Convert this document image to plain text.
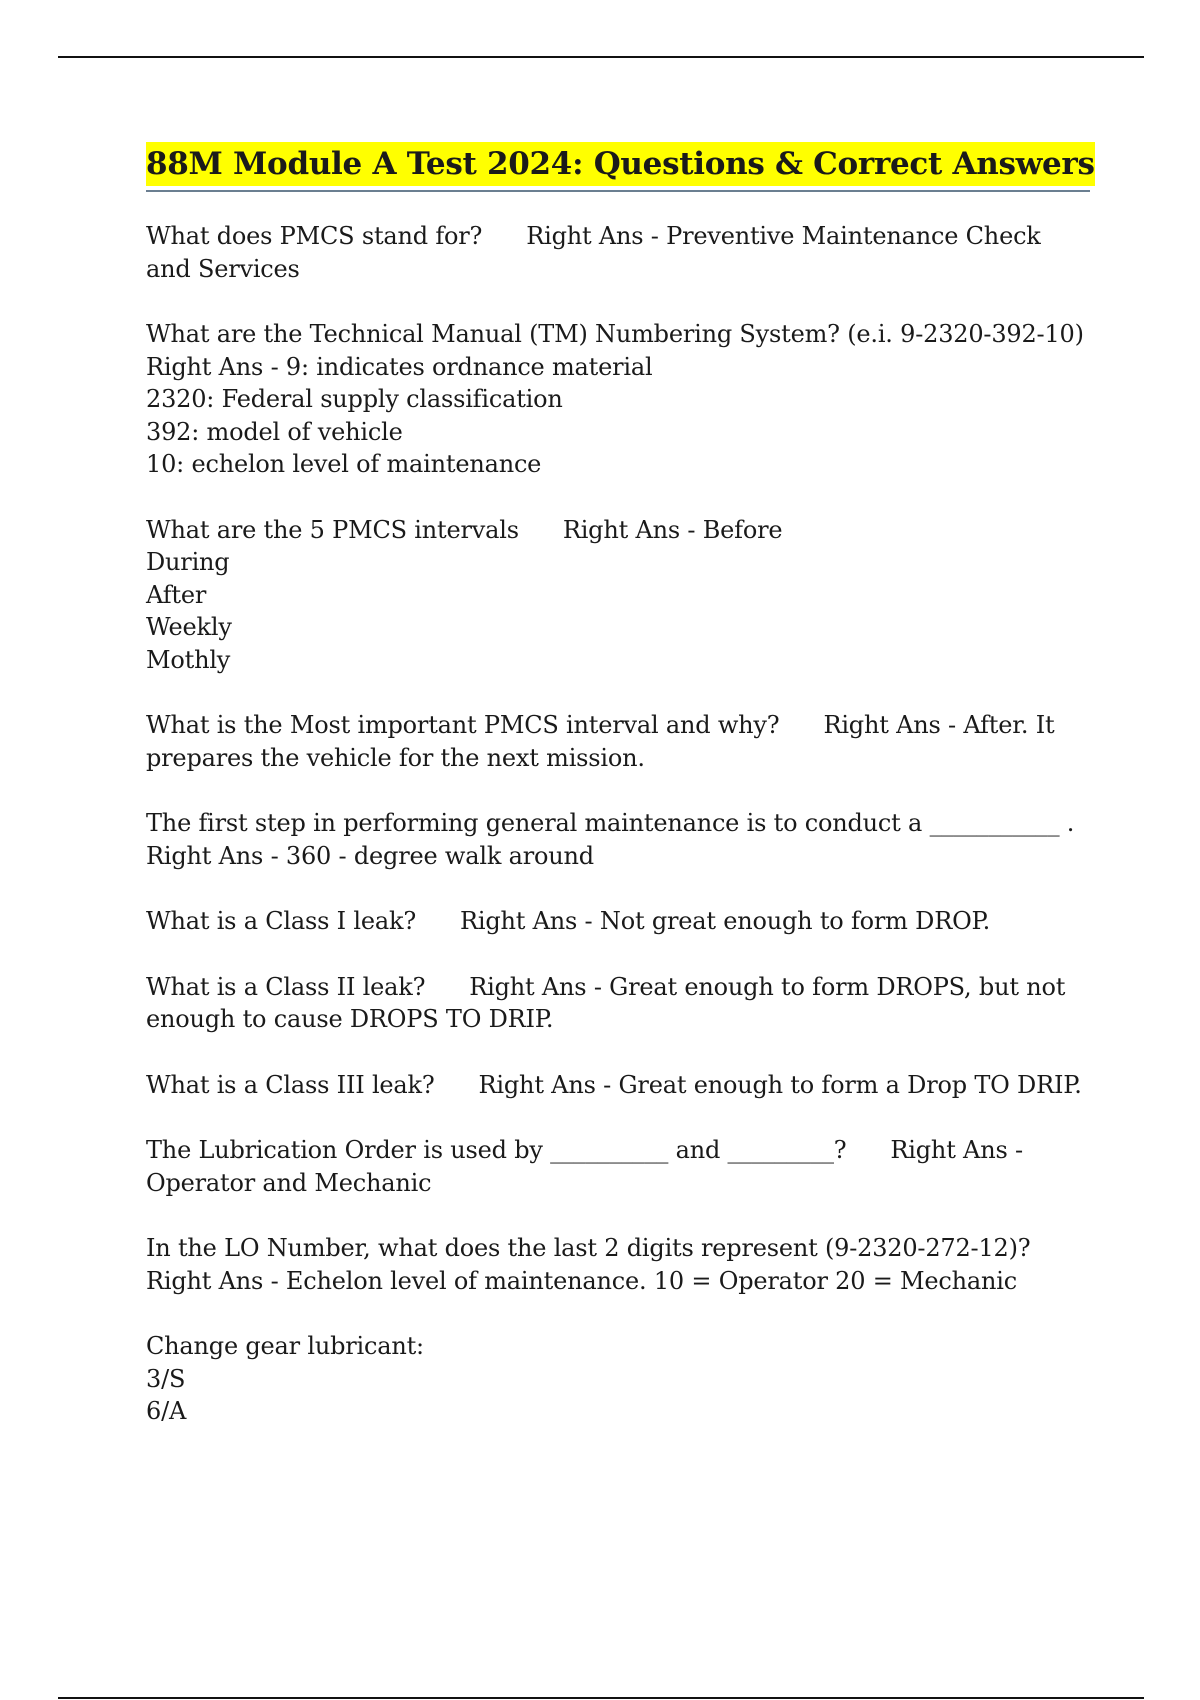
88M Module A Test 2024: Questions & Correct Answers

What does PMCS stand for? Right Ans - Preventive Maintenance Check and Services

What are the Technical Manual (TM) Numbering System? (e.i. 9-2320-392-10)
Right Ans - 9: indicates ordnance material
2320: Federal supply classification
392: model of vehicle
10: echelon level of maintenance

What are the 5 PMCS intervals Right Ans - Before
During
After
Weekly
Mothly

What is the Most important PMCS interval and why? Right Ans - After. It prepares the vehicle for the next mission.

The first step in performing general maintenance is to conduct a ___________ .
Right Ans - 360 - degree walk around

What is a Class I leak? Right Ans - Not great enough to form DROP.

What is a Class II leak? Right Ans - Great enough to form DROPS, but not enough to cause DROPS TO DRIP.

What is a Class III leak? Right Ans - Great enough to form a Drop TO DRIP.

The Lubrication Order is used by __________ and _________? Right Ans - Operator and Mechanic

In the LO Number, what does the last 2 digits represent (9-2320-272-12)?
Right Ans - Echelon level of maintenance. 10 = Operator 20 = Mechanic

Change gear lubricant:
3/S
6/A
